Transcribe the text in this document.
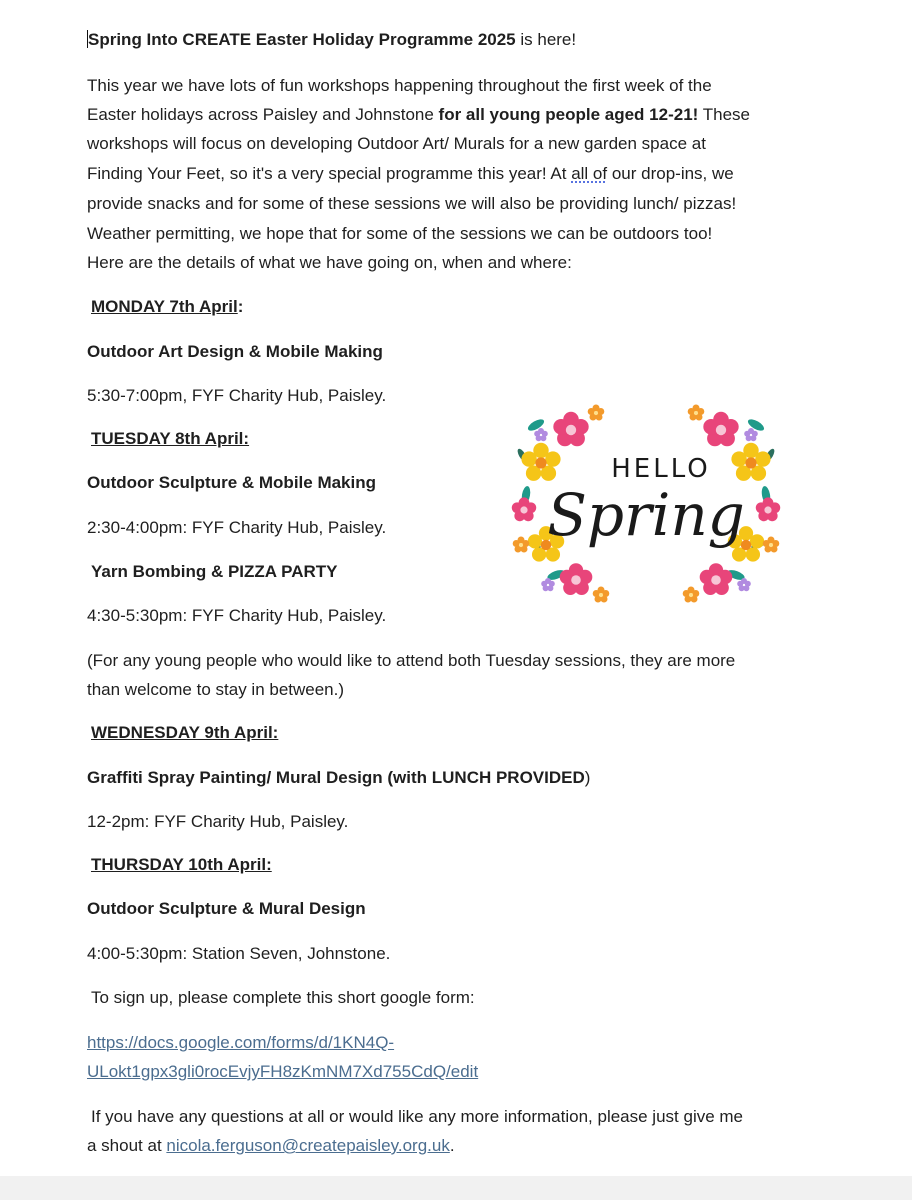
Spring Into CREATE Easter Holiday Programme 2025 is here!

This year we have lots of fun workshops happening throughout the first week of the

Easter holidays across Paisley and Johnstone for all young people aged 12-21! These

workshops will focus on developing Outdoor Art/ Murals for a new garden space at

Finding Your Feet, so it's a very special programme this year! At all of our drop-ins, we

provide snacks and for some of these sessions we will also be providing lunch/ pizzas!

Weather permitting, we hope that for some of the sessions we can be outdoors too!

Here are the details of what we have going on, when and where:

MONDAY 7th April:

Outdoor Art Design & Mobile Making

5:30-7:00pm, FYF Charity Hub, Paisley.

TUESDAY 8th April:

Outdoor Sculpture & Mobile Making

2:30-4:00pm: FYF Charity Hub, Paisley.

Yarn Bombing & PIZZA PARTY

4:30-5:30pm: FYF Charity Hub, Paisley.

(For any young people who would like to attend both Tuesday sessions, they are more

than welcome to stay in between.)

WEDNESDAY 9th April:

Graffiti Spray Painting/ Mural Design (with LUNCH PROVIDED)

12-2pm: FYF Charity Hub, Paisley.

THURSDAY 10th April:

Outdoor Sculpture & Mural Design

4:00-5:30pm: Station Seven, Johnstone.

To sign up, please complete this short google form:

https://docs.google.com/forms/d/1KN4Q-

ULokt1gpx3gli0rocEvjyFH8zKmNM7Xd755CdQ/edit

If you have any questions at all or would like any more information, please just give me

a shout at nicola.ferguson@createpaisley.org.uk.

HELLO
Spring
